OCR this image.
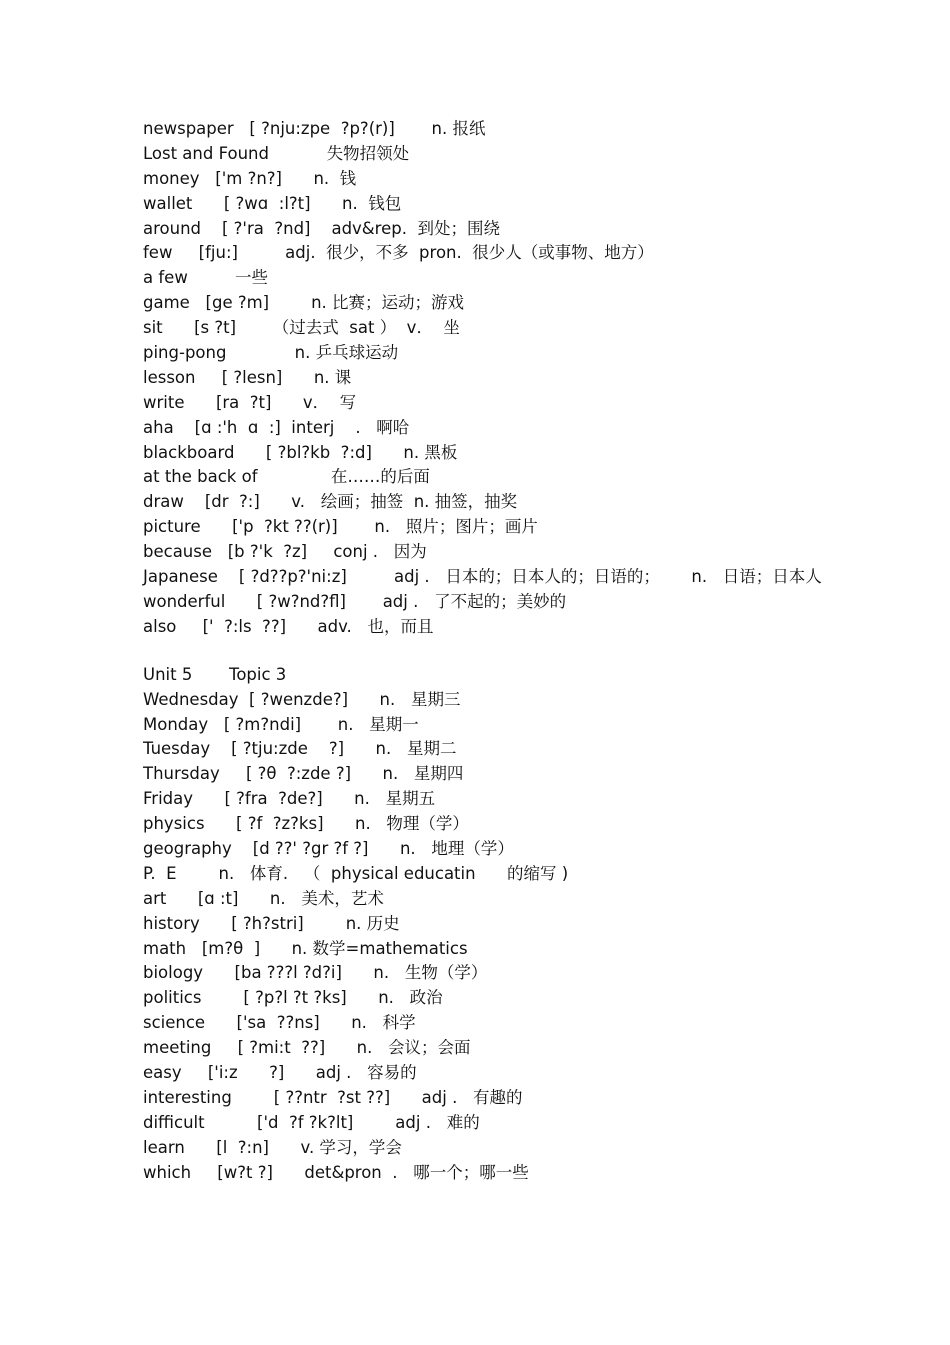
newspaper   [ ?nju:zpe  ?p?(r)]       n. 报纸
Lost and Found           失物招领处
money   ['m ?n?]      n.  钱
wallet      [ ?wɑ  :l?t]      n.  钱包
around    [ ?'ra  ?nd]    adv&rep.  到处；围绕
few     [fju:]         adj.  很少，不多  pron.  很少人（或事物、地方）
a few         一些
game   [ge ?m]        n. 比赛；运动；游戏
sit      [s ?t]       （过去式  sat ）  v．  坐
ping-pong             n. 乒乓球运动
lesson     [ ?lesn]      n. 课
write      [ra  ?t]      v．  写
aha    [ɑ :'h  ɑ  :]  interj    .   啊哈
blackboard      [ ?bl?kb  ?:d]      n. 黑板
at the back of              在……的后面
draw    [dr  ?:]      v.   绘画；抽签  n. 抽签，抽奖
picture      ['p  ?kt ??(r)]       n.   照片；图片；画片
because   [b ?'k  ?z]     conj .   因为
Japanese    [ ?d??p?'ni:z]         adj .   日本的；日本人的；日语的；      n.   日语；日本人
wonderful      [ ?w?nd?fl]       adj .   了不起的；美妙的
also     ['  ?:ls  ??]      adv.   也，而且
Unit 5       Topic 3
Wednesday  [ ?wenzde?]      n.   星期三
Monday   [ ?m?ndi]       n.   星期一
Tuesday    [ ?tju:zde    ?]      n.   星期二
Thursday     [ ?θ  ?:zde ?]      n.   星期四
Friday      [ ?fra  ?de?]      n.   星期五
physics      [ ?f  ?z?ks]      n.   物理（学）
geography    [d ??' ?gr ?f ?]      n.   地理（学）
P.  E        n.   体育.   （  physical educatin      的缩写 )
art      [ɑ :t]      n.   美术，艺术
history      [ ?h?stri]        n. 历史
math   [m?θ  ]      n. 数学=mathematics
biology      [ba ???l ?d?i]      n.   生物（学）
politics        [ ?p?l ?t ?ks]      n.   政治
science      ['sa  ??ns]      n.   科学
meeting     [ ?mi:t  ??]      n.   会议；会面
easy     ['i:z      ?]      adj .   容易的
interesting        [ ??ntr  ?st ??]      adj .   有趣的
difficult          ['d  ?f ?k?lt]        adj .   难的
learn      [l  ?:n]      v. 学习，学会
which     [w?t ?]      det&pron  .   哪一个；哪一些
